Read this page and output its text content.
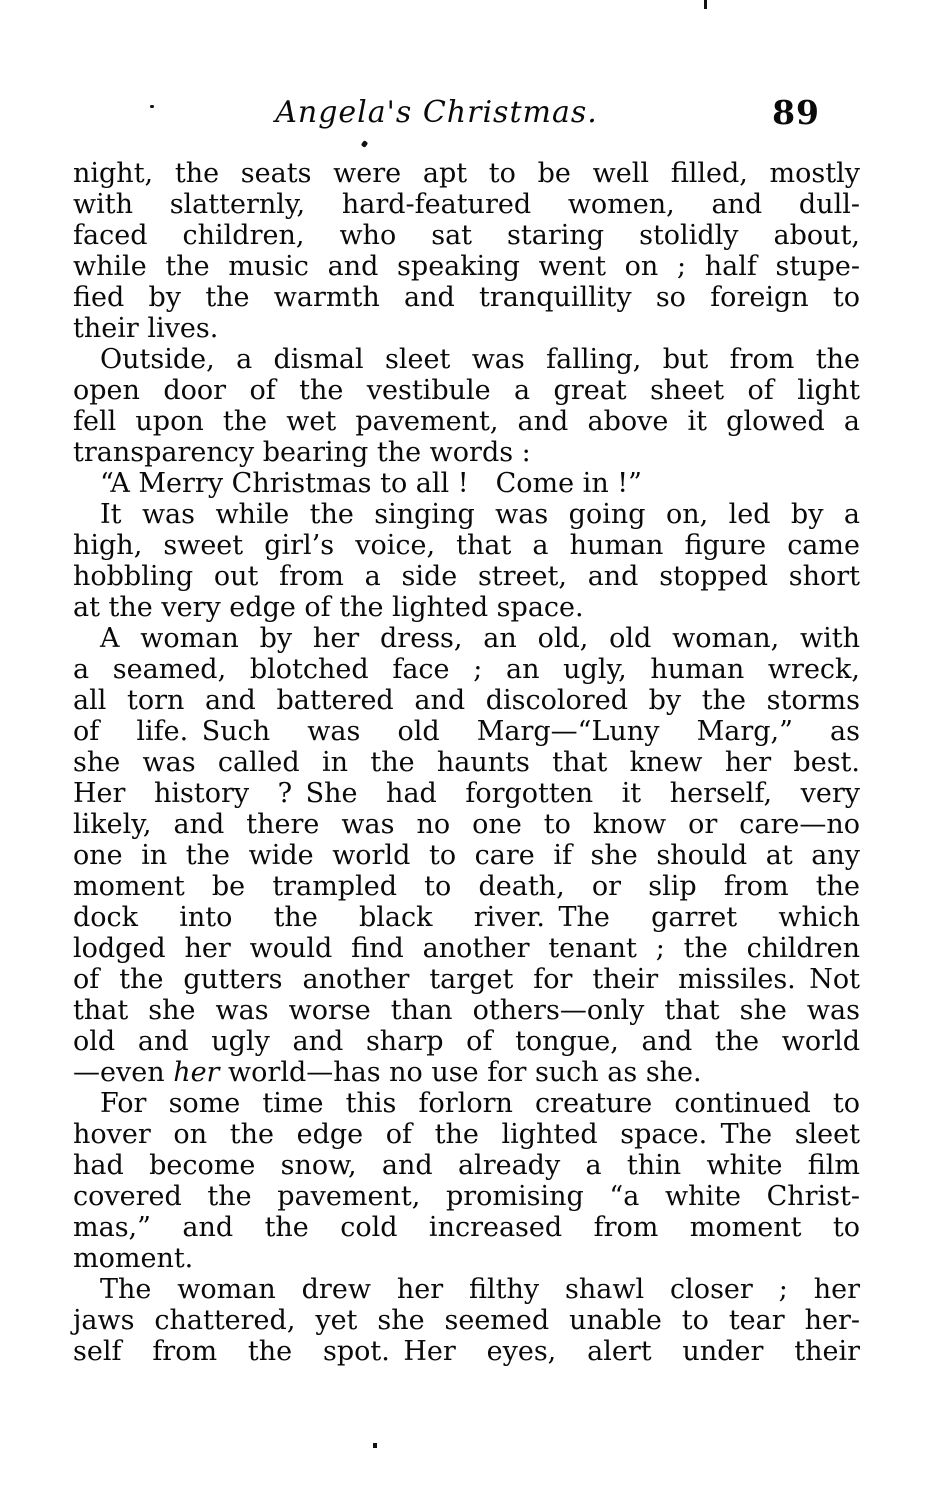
Angela's Christmas.	89
night, the seats were apt to be well filled, mostly
with slatternly, hard-featured women, and dull-
faced children, who sat staring stolidly about,
while the music and speaking went on ; half stupe-
fied by the warmth and tranquillity so foreign to
their lives.
Outside, a dismal sleet was falling, but from the
open door of the vestibule a great sheet of light
fell upon the wet pavement, and above it glowed a
transparency bearing the words :
“A Merry Christmas to all ! Come in !”
It was while the singing was going on, led by a
high, sweet girl’s voice, that a human figure came
hobbling out from a side street, and stopped short
at the very edge of the lighted space.
A woman by her dress, an old, old woman, with
a seamed, blotched face ; an ugly, human wreck,
all torn and battered and discolored by the storms
of life. Such was old Marg—“Luny Marg,” as
she was called in the haunts that knew her best.
Her history ? She had forgotten it herself, very
likely, and there was no one to know or care—no
one in the wide world to care if she should at any
moment be trampled to death, or slip from the
dock into the black river. The garret which
lodged her would find another tenant ; the children
of the gutters another target for their missiles. Not
that she was worse than others—only that she was
old and ugly and sharp of tongue, and the world
—even her world—has no use for such as she.
For some time this forlorn creature continued to
hover on the edge of the lighted space. The sleet
had become snow, and already a thin white film
covered the pavement, promising “a white Christ-
mas,” and the cold increased from moment to
moment.
The woman drew her filthy shawl closer ; her
jaws chattered, yet she seemed unable to tear her-
self from the spot. Her eyes, alert under their
